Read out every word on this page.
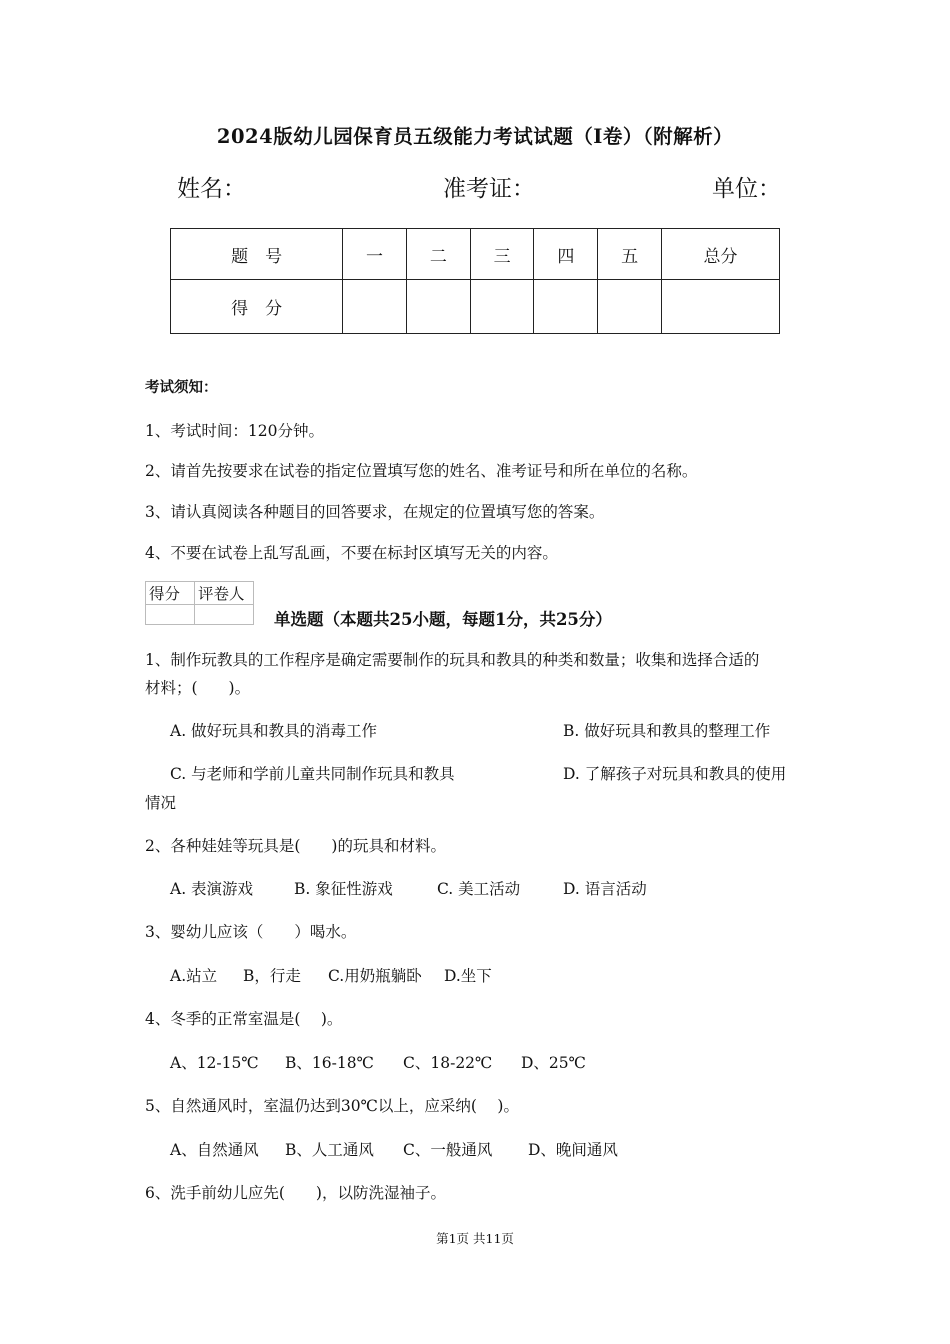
2024版幼儿园保育员五级能力考试试题（I卷）（附解析）
姓名：	准考证：	单位：
题　号	一	二	三	四	五	总分
得　分						
考试须知：
1、考试时间：120分钟。
2、请首先按要求在试卷的指定位置填写您的姓名、准考证号和所在单位的名称。
3、请认真阅读各种题目的回答要求，在规定的位置填写您的答案。
4、不要在试卷上乱写乱画，不要在标封区填写无关的内容。
得分	评卷人

单选题（本题共25小题，每题1分，共25分）
1、制作玩教具的工作程序是确定需要制作的玩具和教具的种类和数量；收集和选择合适的
材料；(　　)。
A. 做好玩具和教具的消毒工作	B. 做好玩具和教具的整理工作
C. 与老师和学前儿童共同制作玩具和教具	D. 了解孩子对玩具和教具的使用
情况
2、各种娃娃等玩具是(　　)的玩具和材料。
A. 表演游戏	B. 象征性游戏	C. 美工活动	D. 语言活动
3、婴幼儿应该（　　）喝水。
A.站立 B，行走 C.用奶瓶躺卧 D.坐下
4、冬季的正常室温是(　 )。
A、12-15℃ B、16-18℃ C、18-22℃ D、25℃
5、自然通风时，室温仍达到30℃以上，应采纳(　 )。
A、自然通风 B、人工通风 C、一般通风 D、晚间通风
6、洗手前幼儿应先(　　)，以防洗湿袖子。
第1页 共11页
